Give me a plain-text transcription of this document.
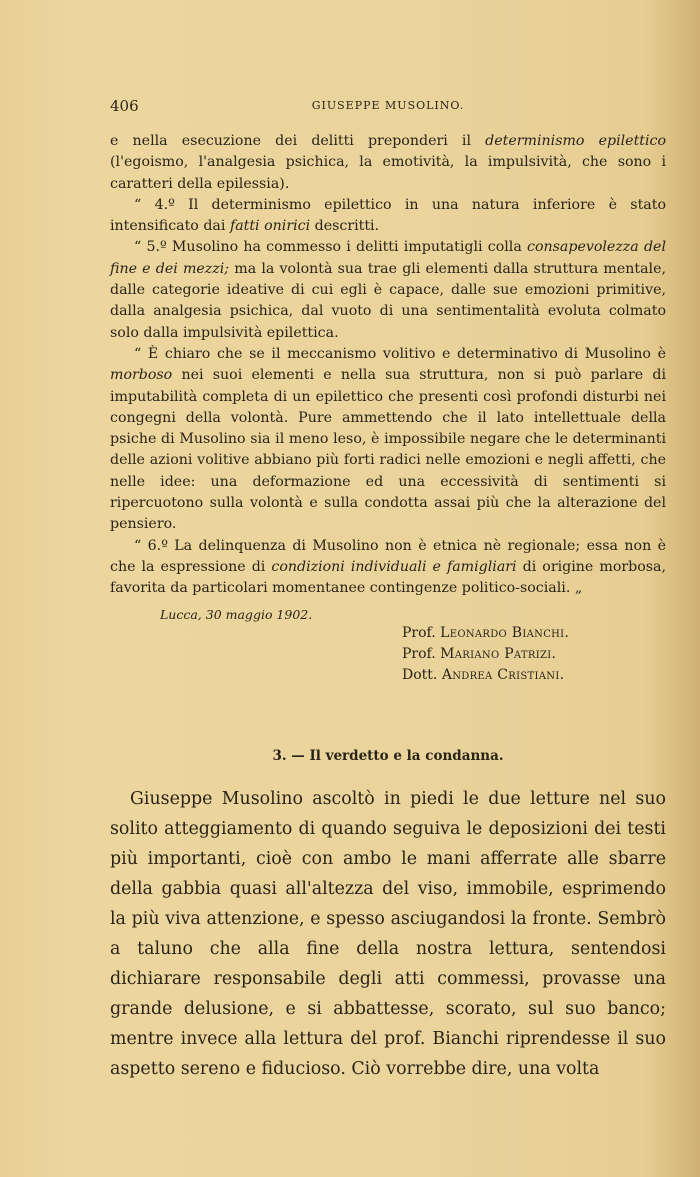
406	GIUSEPPE MUSOLINO.

e nella esecuzione dei delitti preponderi il determinismo epilettico (l'egoismo, l'analgesia psichica, la emotività, la impulsività, che sono i caratteri della epilessia).

“ 4.º Il determinismo epilettico in una natura inferiore è stato intensificato dai fatti onirici descritti.

“ 5.º Musolino ha commesso i delitti imputatigli colla consapevolezza del fine e dei mezzi; ma la volontà sua trae gli elementi dalla struttura mentale, dalle categorie ideative di cui egli è capace, dalle sue emozioni primitive, dalla analgesia psichica, dal vuoto di una sentimentalità evoluta colmato solo dalla impulsività epilettica.

“ È chiaro che se il meccanismo volitivo e determinativo di Musolino è morboso nei suoi elementi e nella sua struttura, non si può parlare di imputabilità completa di un epilettico che presenti così profondi disturbi nei congegni della volontà. Pure ammettendo che il lato intellettuale della psiche di Musolino sia il meno leso, è impossibile negare che le determinanti delle azioni volitive abbiano più forti radici nelle emozioni e negli affetti, che nelle idee: una deformazione ed una eccessività di sentimenti si ripercuotono sulla volontà e sulla condotta assai più che la alterazione del pensiero.

“ 6.º La delinquenza di Musolino non è etnica nè regionale; essa non è che la espressione di condizioni individuali e famigliari di origine morbosa, favorita da particolari momentanee contingenze politico-sociali. „

Lucca, 30 maggio 1902.
Prof. Leonardo Bianchi.
Prof. Mariano Patrizi.
Dott. Andrea Cristiani.
3. — Il verdetto e la condanna.

Giuseppe Musolino ascoltò in piedi le due letture nel suo solito atteggiamento di quando seguiva le deposizioni dei testi più importanti, cioè con ambo le mani afferrate alle sbarre della gabbia quasi all'altezza del viso, immobile, esprimendo la più viva attenzione, e spesso asciugandosi la fronte. Sembrò a taluno che alla fine della nostra lettura, sentendosi dichiarare responsabile degli atti commessi, provasse una grande delusione, e si abbattesse, scorato, sul suo banco; mentre invece alla lettura del prof. Bianchi riprendesse il suo aspetto sereno e fiducioso. Ciò vorrebbe dire, una volta
